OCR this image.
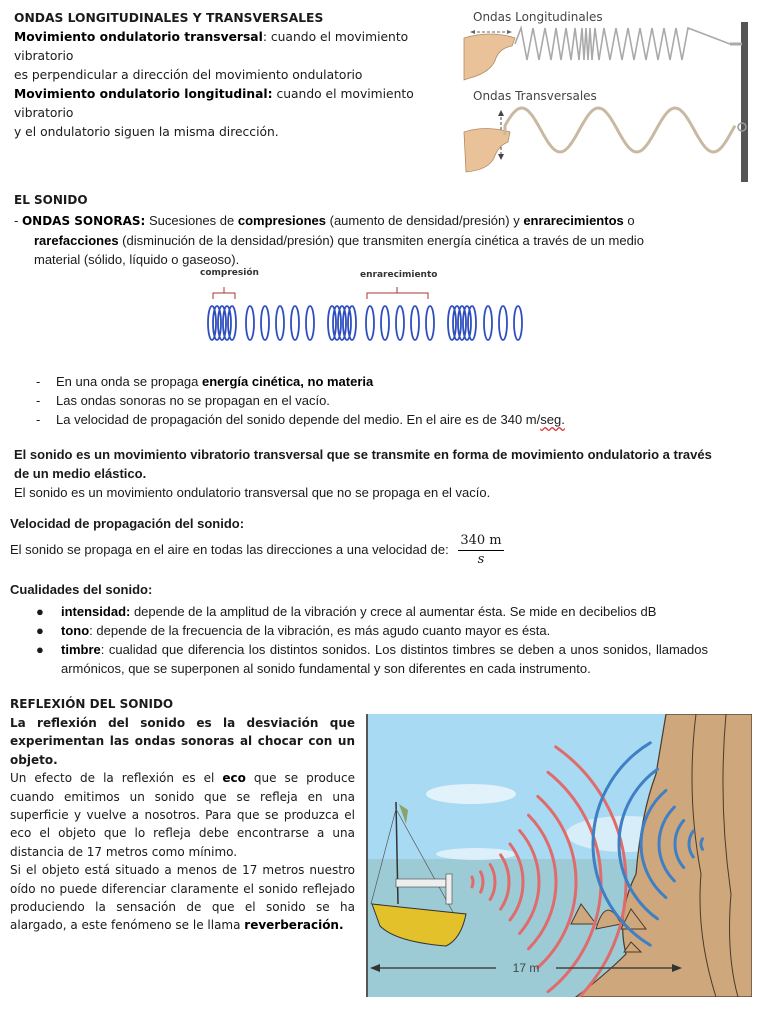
ONDAS LONGITUDINALES Y TRANSVERSALES
Movimiento ondulatorio transversal: cuando el movimiento vibratorio
es perpendicular a dirección del movimiento ondulatorio
Movimiento ondulatorio longitudinal: cuando el movimiento vibratorio
y el ondulatorio siguen la misma dirección.
Ondas Longitudinales
Ondas Transversales
EL SONIDO
- ONDAS SONORAS: Sucesiones de compresiones (aumento de densidad/presión) y enrarecimientos o
rarefacciones (disminución de la densidad/presión) que transmiten energía cinética a través de un medio
material (sólido, líquido o gaseoso).
compresión	enrarecimiento
- En una onda se propaga energía cinética, no materia
- Las ondas sonoras no se propagan en el vacío.
- La velocidad de propagación del sonido depende del medio. En el aire es de 340 m/seg.
El sonido es un movimiento vibratorio transversal que se transmite en forma de movimiento ondulatorio a través
de un medio elástico.
El sonido es un movimiento ondulatorio transversal que no se propaga en el vacío.
Velocidad de propagación del sonido:
El sonido se propaga en el aire en todas las direcciones a una velocidad de: $\frac{340 m}{s}$
Cualidades del sonido:
●	intensidad: depende de la amplitud de la vibración y crece al aumentar ésta. Se mide en decibelios dB
●	tono: depende de la frecuencia de la vibración, es más agudo cuanto mayor es ésta.
●	timbre: cualidad que diferencia los distintos sonidos. Los distintos timbres se deben a unos sonidos, llamados armónicos, que se superponen al sonido fundamental y son diferentes en cada instrumento.
REFLEXIÓN DEL SONIDO
La reflexión del sonido es la desviación que experimentan las ondas sonoras al chocar con un objeto.
Un efecto de la reflexión es el eco que se produce cuando emitimos un sonido que se refleja en una superficie y vuelve a nosotros. Para que se produzca el eco el objeto que lo refleja debe encontrarse a una distancia de 17 metros como mínimo.
Si el objeto está situado a menos de 17 metros nuestro oído no puede diferenciar claramente el sonido reflejado produciendo la sensación de que el sonido se ha alargado, a este fenómeno se le llama reverberación.
17 m
